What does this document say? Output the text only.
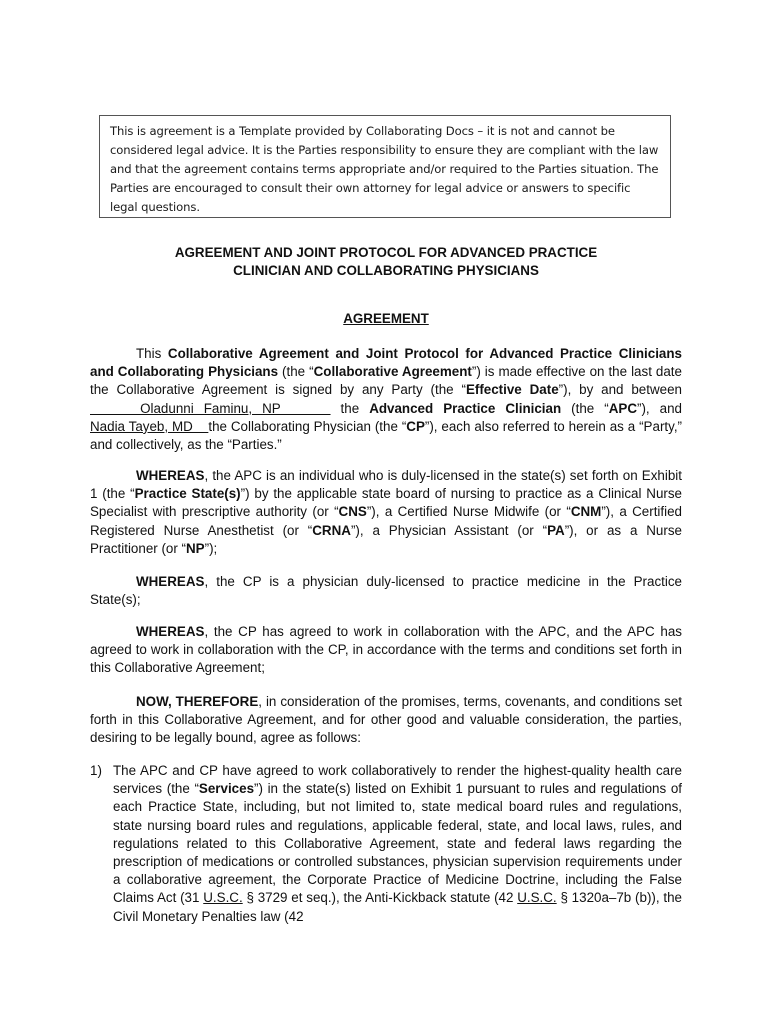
This is agreement is a Template provided by Collaborating Docs – it is not and cannot be considered legal advice. It is the Parties responsibility to ensure they are compliant with the law and that the agreement contains terms appropriate and/or required to the Parties situation. The Parties are encouraged to consult their own attorney for legal advice or answers to specific legal questions.
AGREEMENT AND JOINT PROTOCOL FOR ADVANCED PRACTICE
CLINICIAN AND COLLABORATING PHYSICIANS
AGREEMENT
This Collaborative Agreement and Joint Protocol for Advanced Practice Clinicians and Collaborating Physicians (the “Collaborative Agreement”) is made effective on the last date the Collaborative Agreement is signed by any Party (the “Effective Date”), by and between      Oladunni Faminu, NP      the Advanced Practice Clinician (the “APC”), and Nadia Tayeb, MD    the Collaborating Physician (the “CP”), each also referred to herein as a “Party,” and collectively, as the “Parties.”
WHEREAS, the APC is an individual who is duly-licensed in the state(s) set forth on Exhibit 1 (the “Practice State(s)”) by the applicable state board of nursing to practice as a Clinical Nurse Specialist with prescriptive authority (or “CNS”), a Certified Nurse Midwife (or “CNM”), a Certified Registered Nurse Anesthetist (or “CRNA”), a Physician Assistant (or “PA”), or as a Nurse Practitioner (or “NP”);
WHEREAS, the CP is a physician duly-licensed to practice medicine in the Practice State(s);
WHEREAS, the CP has agreed to work in collaboration with the APC, and the APC has agreed to work in collaboration with the CP, in accordance with the terms and conditions set forth in this Collaborative Agreement;
NOW, THEREFORE, in consideration of the promises, terms, covenants, and conditions set forth in this Collaborative Agreement, and for other good and valuable consideration, the parties, desiring to be legally bound, agree as follows:
1) The APC and CP have agreed to work collaboratively to render the highest-quality health care services (the “Services”) in the state(s) listed on Exhibit 1 pursuant to rules and regulations of each Practice State, including, but not limited to, state medical board rules and regulations, state nursing board rules and regulations, applicable federal, state, and local laws, rules, and regulations related to this Collaborative Agreement, state and federal laws regarding the prescription of medications or controlled substances, physician supervision requirements under a collaborative agreement, the Corporate Practice of Medicine Doctrine, including the False Claims Act (31 U.S.C. § 3729 et seq.), the Anti-Kickback statute (42 U.S.C. § 1320a–7b (b)), the Civil Monetary Penalties law (42
